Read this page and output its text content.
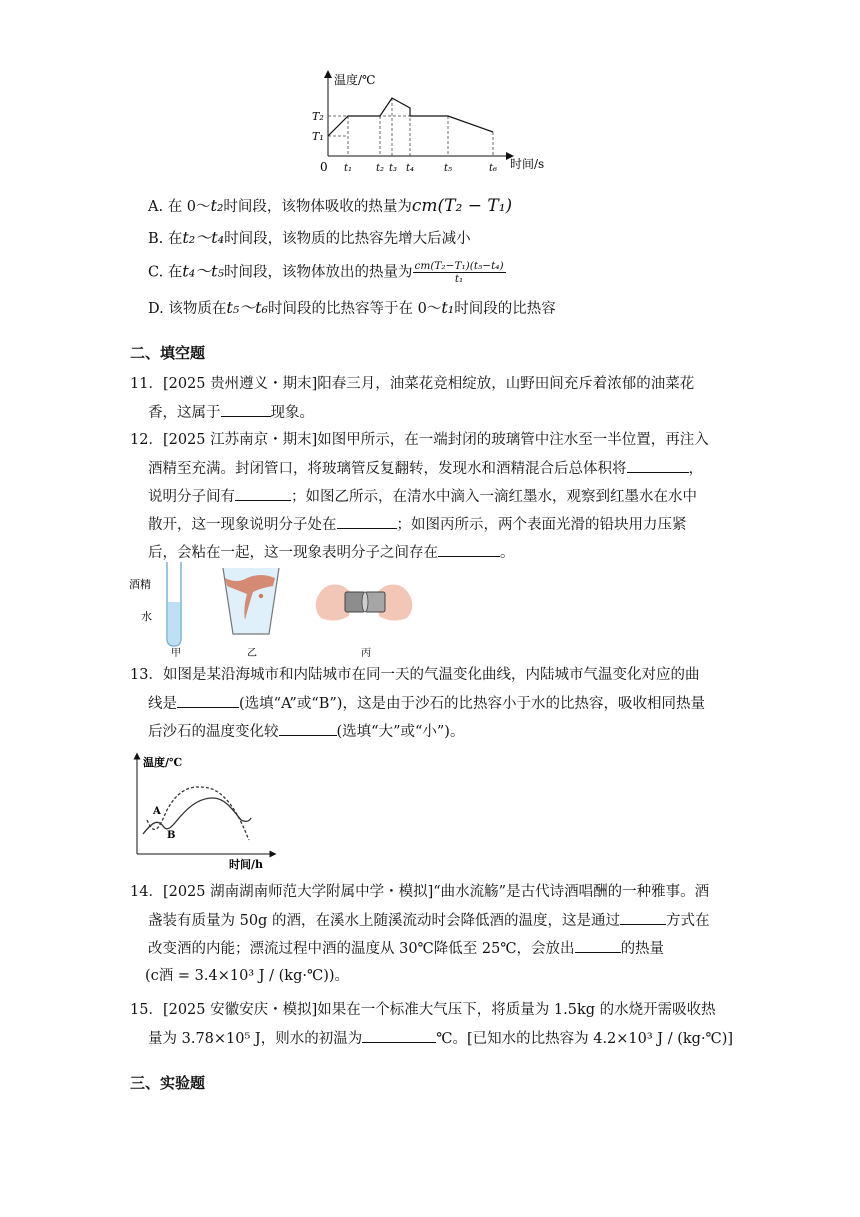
温度/℃
时间/s
0
T₂
T₁
t₁ t₂ t₃ t₄	t₅	t₆
A. 在 0～t₂时间段，该物体吸收的热量为cm(T₂ − T₁)
B. 在t₂～t₄时间段，该物质的比热容先增大后减小
C. 在t₄～t₅时间段，该物体放出的热量为 $\frac{\text{cm(T₂−T₁)(t₅−t₄)}}{\text{t₁}}$
D. 该物质在t₅～t₆时间段的比热容等于在 0～t₁时间段的比热容
二、填空题
11．[2025 贵州遵义・期末]阳春三月，油菜花竞相绽放，山野田间充斥着浓郁的油菜花
香，这属于	现象。
12．[2025 江苏南京・期末]如图甲所示，在一端封闭的玻璃管中注水至一半位置，再注入
酒精至充满。封闭管口，将玻璃管反复翻转，发现水和酒精混合后总体积将	，
说明分子间有	；如图乙所示，在清水中滴入一滴红墨水，观察到红墨水在水中
散开，这一现象说明分子处在	；如图丙所示，两个表面光滑的铅块用力压紧
后，会粘在一起，这一现象表明分子之间存在	。
酒精
水
甲	乙	丙
13．如图是某沿海城市和内陆城市在同一天的气温变化曲线，内陆城市气温变化对应的曲
线是	(选填“A”或“B”)，这是由于沙石的比热容小于水的比热容，吸收相同热量
后沙石的温度变化较	(选填“大”或“小”)。
温度/℃
时间/h
A
B
14．[2025 湖南湖南师范大学附属中学・模拟]“曲水流觞”是古代诗酒唱酬的一种雅事。酒
盏装有质量为 50g 的酒，在溪水上随溪流动时会降低酒的温度，这是通过	方式在
改变酒的内能；漂流过程中酒的温度从 30℃降低至 25℃，会放出	的热量
(c酒 = 3.4×10³ J / (kg·℃))。
15．[2025 安徽安庆・模拟]如果在一个标准大气压下，将质量为 1.5kg 的水烧开需吸收热
量为 3.78×10⁵ J，则水的初温为	℃。[已知水的比热容为 4.2×10³ J / (kg·℃)]
三、实验题
